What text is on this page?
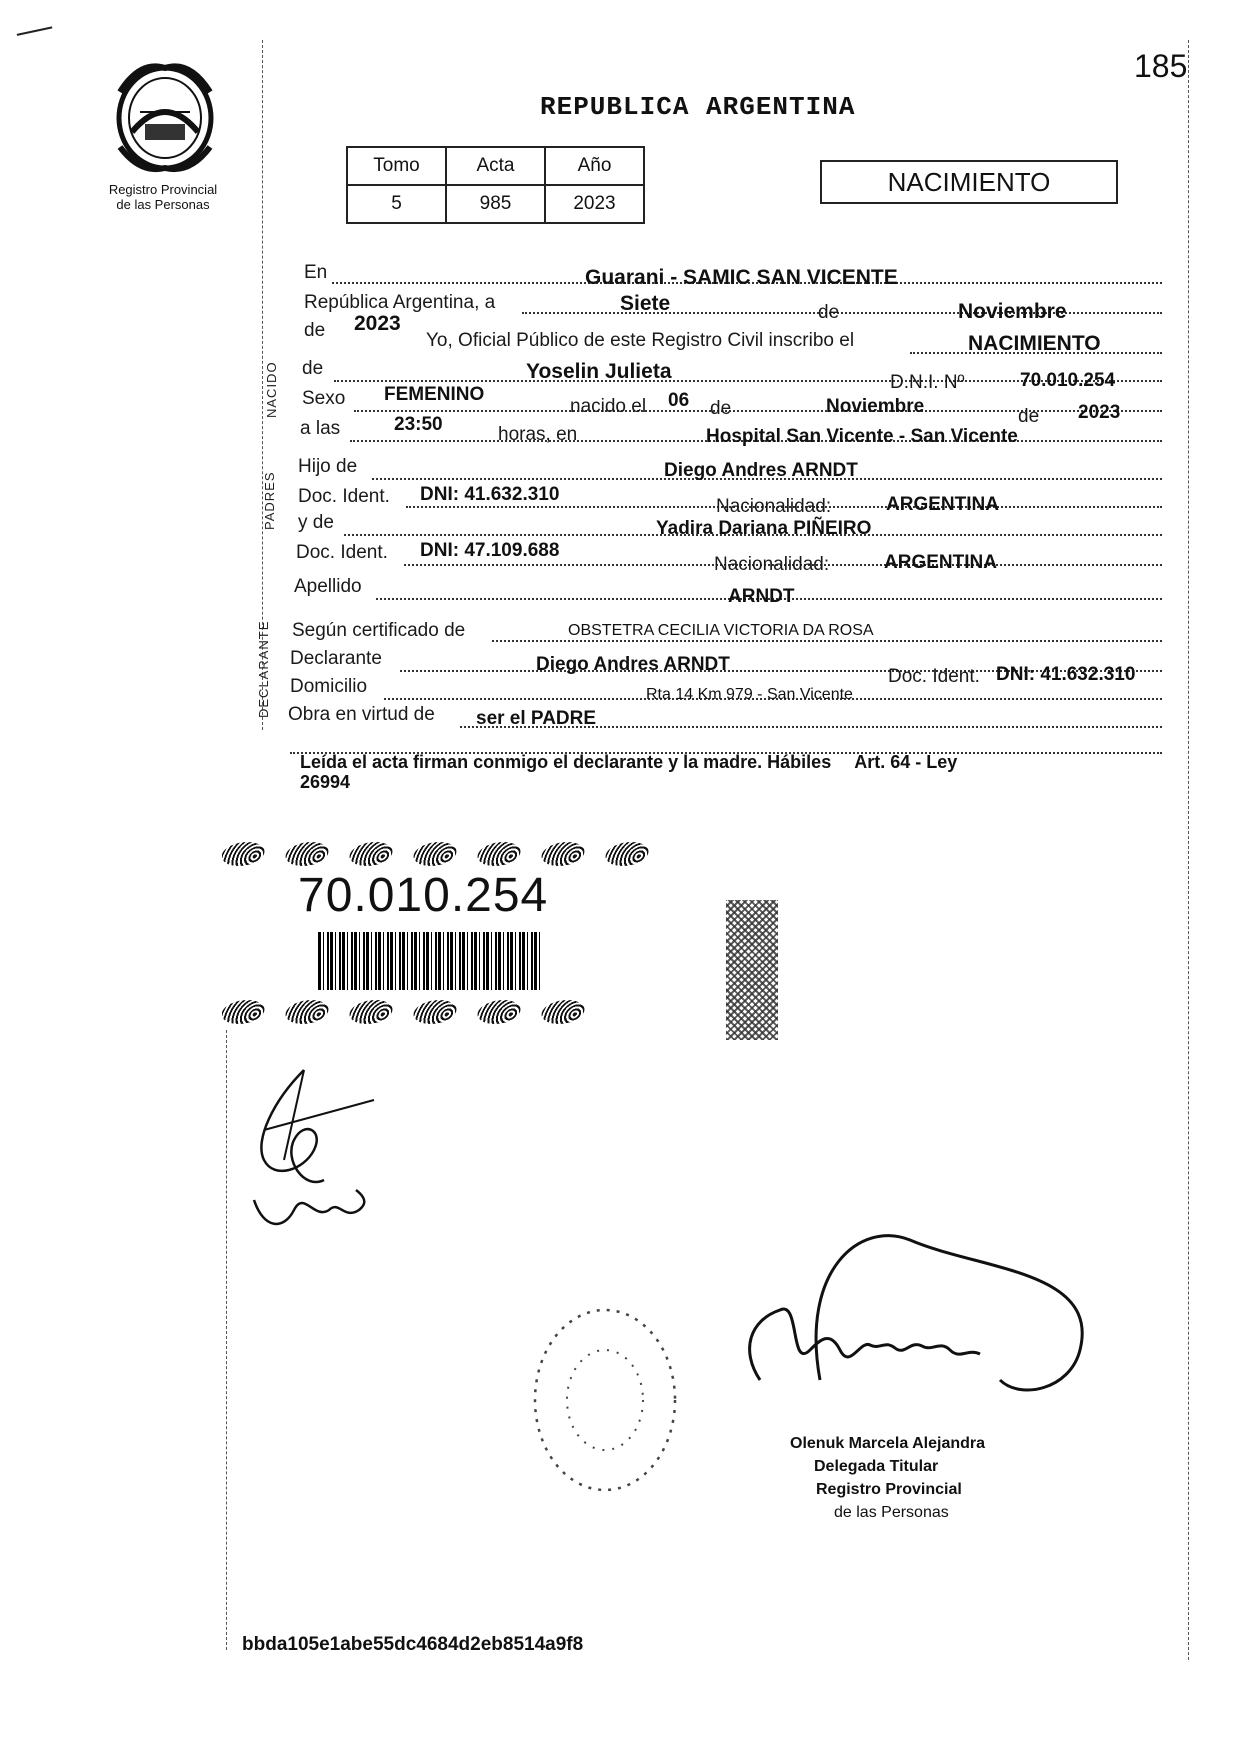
185
Registro Provincial
de las Personas
REPUBLICA ARGENTINA
Tomo	Acta	Año
5	985	2023
NACIMIENTO
En	Guarani - SAMIC SAN VICENTE
República Argentina, a	Siete	de	Noviembre
de 2023
Yo, Oficial Público de este Registro Civil inscribo el	NACIMIENTO
NACIDO de	Yoselin Julieta	D.N.I. Nº	70.010.254
Sexo FEMENINO
nacido el 06 de	Noviembre	de 2023
a las	23:50	horas, en	Hospital San Vicente - San Vicente
PADRES
Hijo de	Diego Andres ARNDT
Doc. Ident. DNI: 41.632.310
Nacionalidad:	ARGENTINA
y de	Yadira Dariana PIÑEIRO
Doc. Ident. DNI: 47.109.688
Nacionalidad:	ARGENTINA
Apellido	ARNDT
DECLARANTE Según certificado de	OBSTETRA CECILIA VICTORIA DA ROSA
Declarante	Diego Andres ARNDT
Doc. Ident. DNI: 41.632.310
Domicilio	Rta 14 Km 979 - San Vicente
Obra en virtud de ser el PADRE
Leída el acta firman conmigo el declarante y la madre. Hábiles Art. 64 - Ley
26994
70.010.254
Olenuk Marcela Alejandra
Delegada Titular
Registro Provincial
de las Personas
bbda105e1abe55dc4684d2eb8514a9f8
